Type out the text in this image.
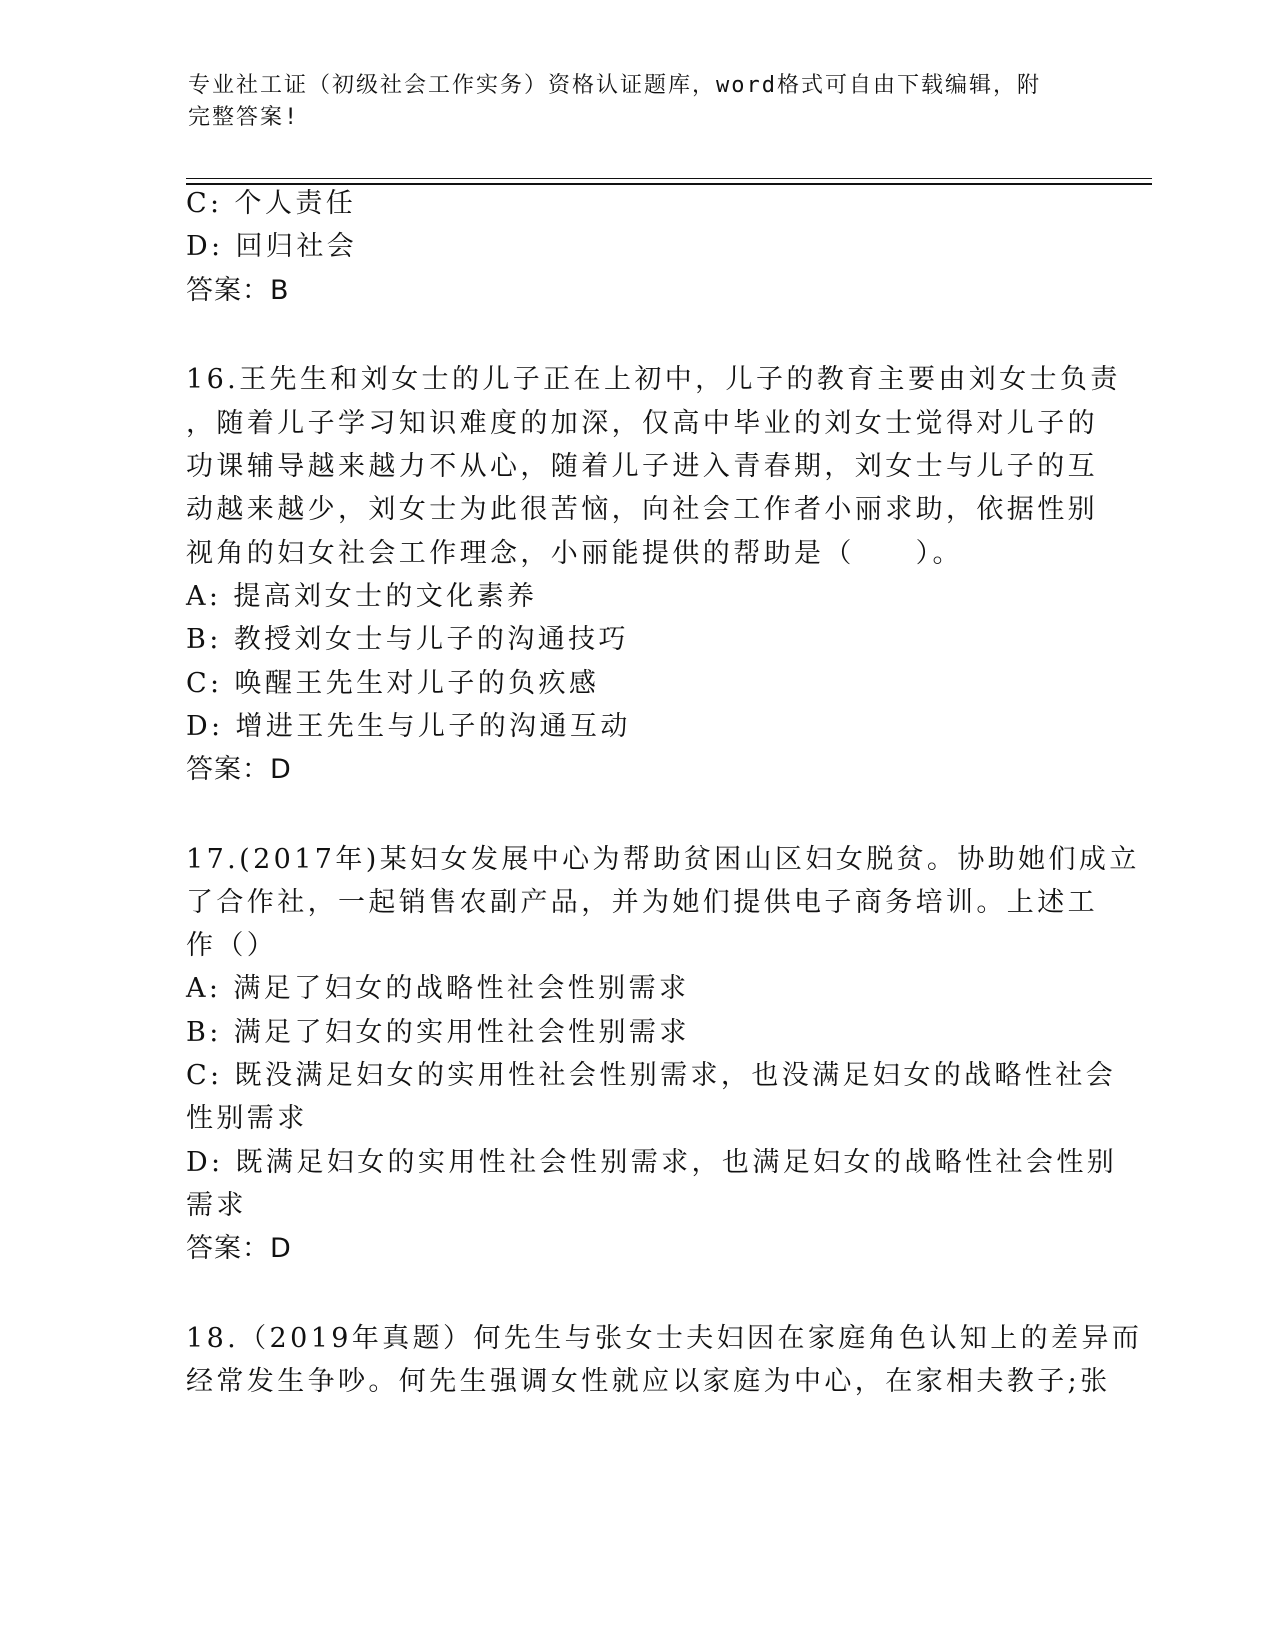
专业社工证（初级社会工作实务）资格认证题库，word格式可自由下载编辑，附
完整答案!
C: 个人责任
D: 回归社会
答案：B
16.王先生和刘女士的儿子正在上初中，儿子的教育主要由刘女士负责
，随着儿子学习知识难度的加深，仅高中毕业的刘女士觉得对儿子的
功课辅导越来越力不从心，随着儿子进入青春期，刘女士与儿子的互
动越来越少，刘女士为此很苦恼，向社会工作者小丽求助，依据性别
视角的妇女社会工作理念，小丽能提供的帮助是（　　）。
A: 提高刘女士的文化素养
B: 教授刘女士与儿子的沟通技巧
C: 唤醒王先生对儿子的负疚感
D: 增进王先生与儿子的沟通互动
答案：D
17.(2017年)某妇女发展中心为帮助贫困山区妇女脱贫。协助她们成立
了合作社，一起销售农副产品，并为她们提供电子商务培训。上述工
作（）
A: 满足了妇女的战略性社会性别需求
B: 满足了妇女的实用性社会性别需求
C: 既没满足妇女的实用性社会性别需求，也没满足妇女的战略性社会
性别需求
D: 既满足妇女的实用性社会性别需求，也满足妇女的战略性社会性别
需求
答案：D
18.（2019年真题）何先生与张女士夫妇因在家庭角色认知上的差异而
经常发生争吵。何先生强调女性就应以家庭为中心，在家相夫教子;张
